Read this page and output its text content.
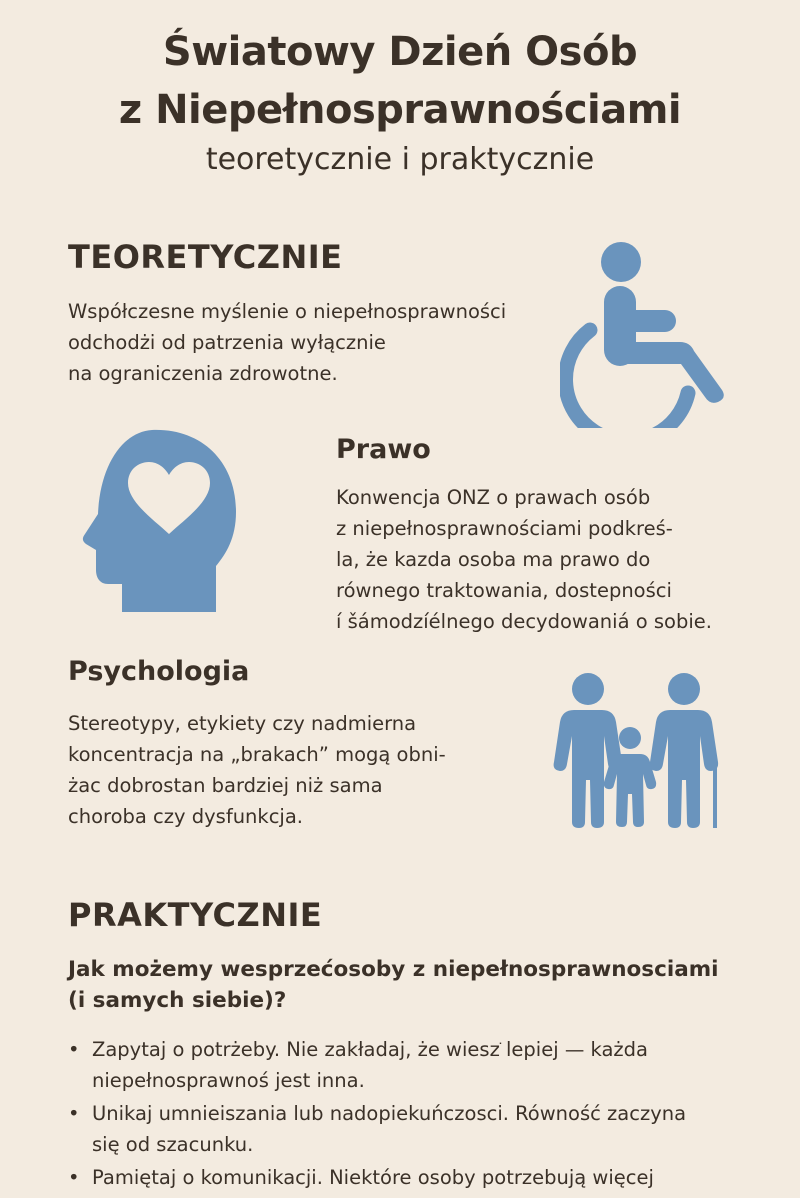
Światowy Dzień Osób
z Niepełnosprawnościami
teoretycznie i praktycznie
TEORETYCZNIE
Współczesne myślenie o niepełnosprawności
odchodżi od patrzenia wyłącznie
na ograniczenia zdrowotne.
Prawo
Konwencja ONZ o prawach osób
z niepełnosprawnościami podkreś-
la, że kazda osoba ma prawo do
równego traktowania, dostepności
í šámodzíélnego decydowaniá o sobie.
Psychologia
Stereotypy, etykiety czy nadmierna
koncentracja na „brakach” mogą obni-
żac dobrostan bardziej niż sama
choroba czy dysfunkcja.
PRAKTYCZNIE
Jak możemy wesprzećosoby z niepełnosprawnosciami
(i samych siebie)?
• Zapytaj o potrżeby. Nie zakładaj, że wieszֹ lepiej — każda
niepełnosprawnoś jest inna.
• Unikaj umnieiszania lub nadopiekuńczosci. Równość zaczyna
się od szacunku.
• Pamiętaj o komunikacji. Niektóre osoby potrzebują więcej
